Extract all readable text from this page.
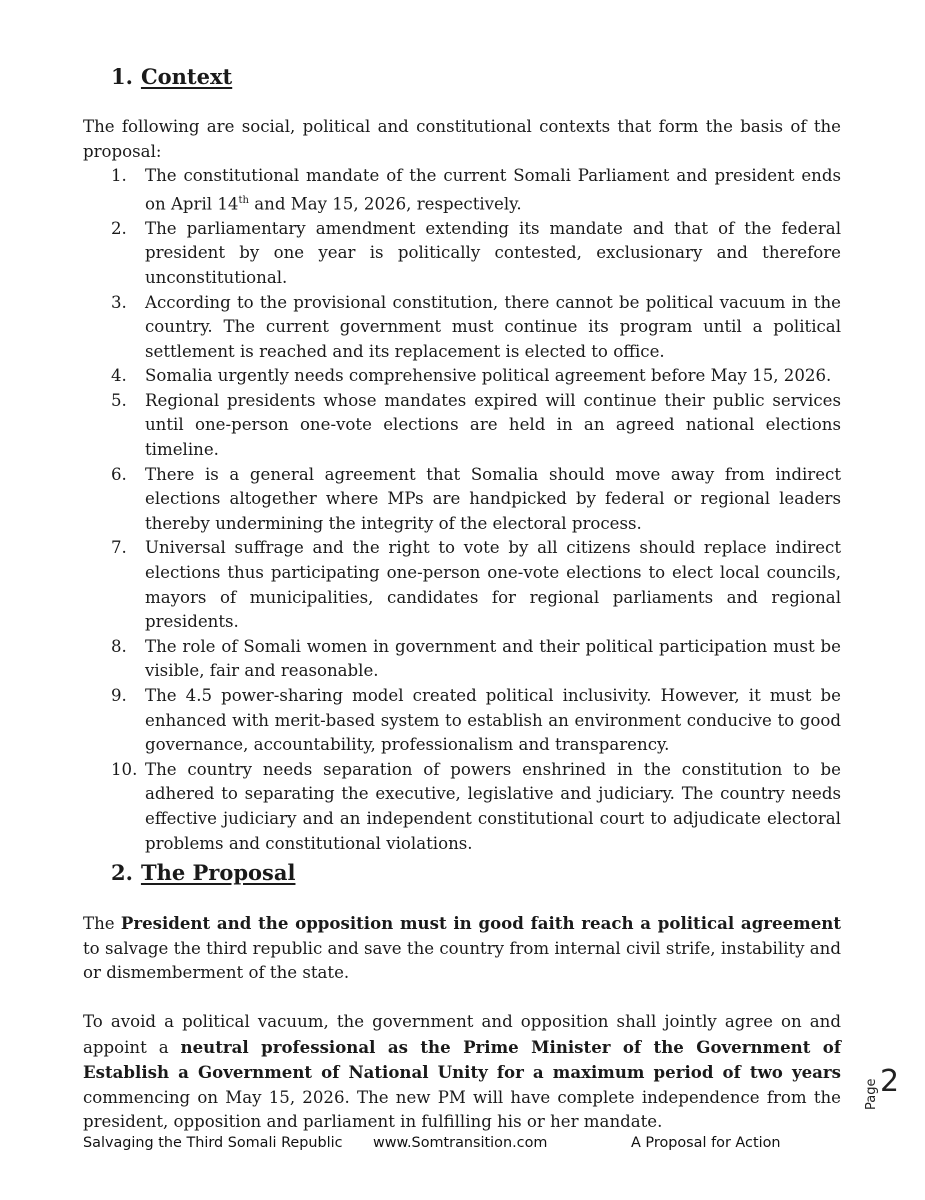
1. Context

The following are social, political and constitutional contexts that form the basis of the proposal:

1.	The constitutional mandate of the current Somali Parliament and president ends on April 14th and May 15, 2026, respectively.
2.	The parliamentary amendment extending its mandate and that of the federal president by one year is politically contested, exclusionary and therefore unconstitutional.
3.	According to the provisional constitution, there cannot be political vacuum in the country. The current government must continue its program until a political settlement is reached and its replacement is elected to office.
4.	Somalia urgently needs comprehensive political agreement before May 15, 2026.
5.	Regional presidents whose mandates expired will continue their public services until one-person one-vote elections are held in an agreed national elections timeline.
6.	There is a general agreement that Somalia should move away from indirect elections altogether where MPs are handpicked by federal or regional leaders thereby undermining the integrity of the electoral process.
7.	Universal suffrage and the right to vote by all citizens should replace indirect elections thus participating one-person one-vote elections to elect local councils, mayors of municipalities, candidates for regional parliaments and regional presidents.
8.	The role of Somali women in government and their political participation must be visible, fair and reasonable.
9.	The 4.5 power-sharing model created political inclusivity. However, it must be enhanced with merit-based system to establish an environment conducive to good governance, accountability, professionalism and transparency.
10. The country needs separation of powers enshrined in the constitution to be adhered to separating the executive, legislative and judiciary. The country needs effective judiciary and an independent constitutional court to adjudicate electoral problems and constitutional violations.
2. The Proposal

The President and the opposition must in good faith reach a political agreement to salvage the third republic and save the country from internal civil strife, instability and or dismemberment of the state.

To avoid a political vacuum, the government and opposition shall jointly agree on and appoint a neutral professional as the Prime Minister of the Government of Establish a Government of National Unity for a maximum period of two years commencing on May 15, 2026. The new PM will have complete independence from the president, opposition and parliament in fulfilling his or her mandate.

Salvaging the Third Somali Republic www.Somtransition.com	A Proposal for Action
Page 2
